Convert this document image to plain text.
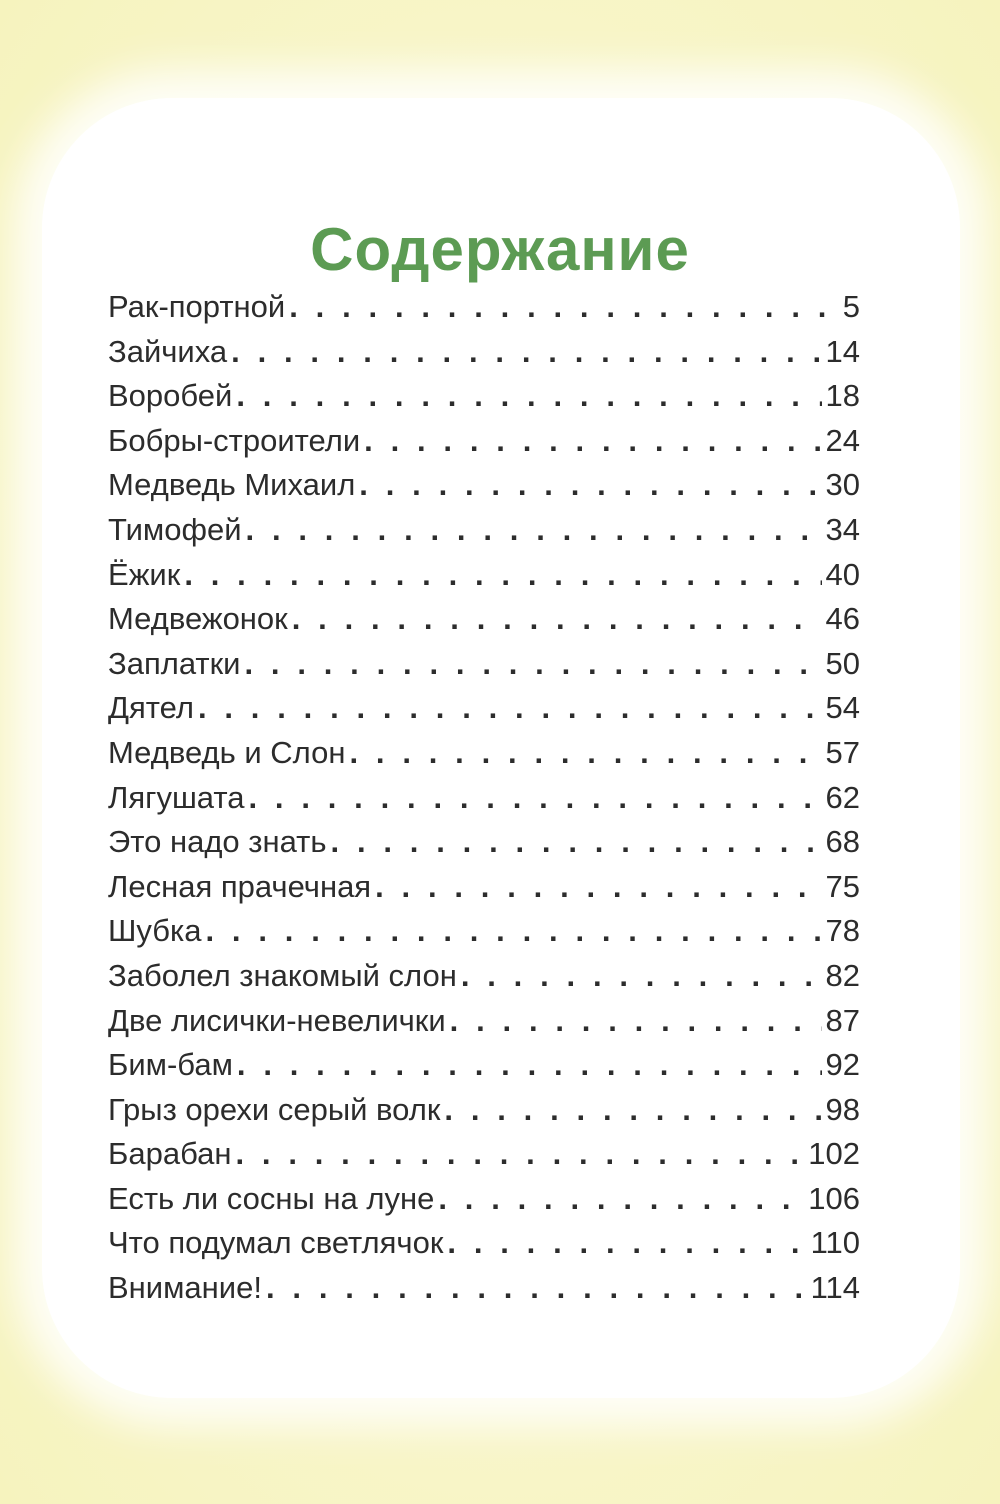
Содержание
Рак-портной . . .	5
Зайчиха . . .	14
Воробей . . .	18
Бобры-строители . . .	24
Медведь Михаил . . .	30
Тимофей . . .	34
Ёжик . . .	40
Медвежонок . . .	46
Заплатки . . .	50
Дятел . . .	54
Медведь и Слон . . .	57
Лягушата . . .	62
Это надо знать . . .	68
Лесная прачечная . . .	75
Шубка . . .	78
Заболел знакомый слон . . .	82
Две лисички-невелички . . .	87
Бим-бам . . .	92
Грыз орехи серый волк . . .	98
Барабан . . .	102
Есть ли сосны на луне . . .	106
Что подумал светлячок . . .	110
Внимание! . . .	114
